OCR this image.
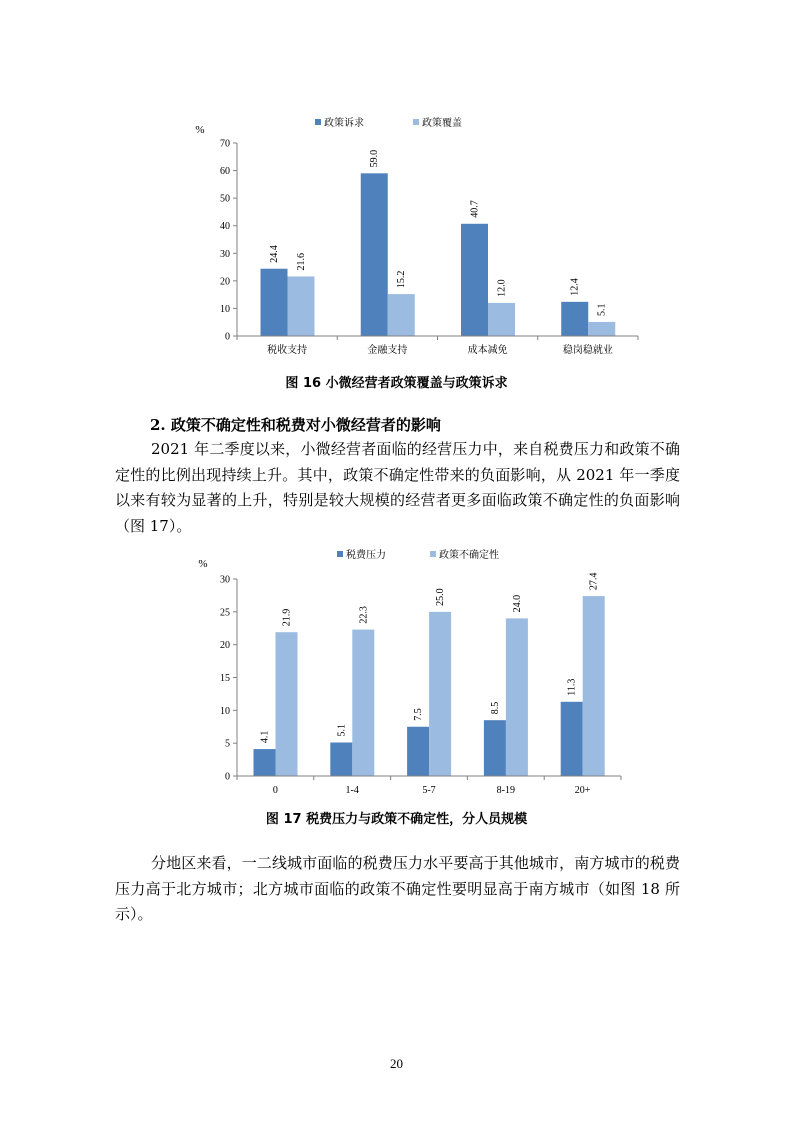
%
政策诉求	政策覆盖
24.4
59.0
40.7
12.4
21.6
15.2
12.0
5.1
0
10
20
30
40
50
60
70
税收支持	金融支持	成本减免	稳岗稳就业
图 16 小微经营者政策覆盖与政策诉求
2. 政策不确定性和税费对小微经营者的影响

2021 年二季度以来，小微经营者面临的经营压力中，来自税费压力和政策不确定性的比例出现持续上升。其中，政策不确定性带来的负面影响，从 2021 年一季度以来有较为显著的上升，特别是较大规模的经营者更多面临政策不确定性的负面影响（图 17）。

%
税费压力	政策不确定性
4.1
5.1
7.5
8.5
11.3
21.9	22.3
25.0	24.0
27.4
0
5
10
15
20
25
30
0	1-4	5-7	8-19	20+
图 17 税费压力与政策不确定性，分人员规模

分地区来看，一二线城市面临的税费压力水平要高于其他城市，南方城市的税费压力高于北方城市；北方城市面临的政策不确定性要明显高于南方城市（如图 18 所示）。

20
